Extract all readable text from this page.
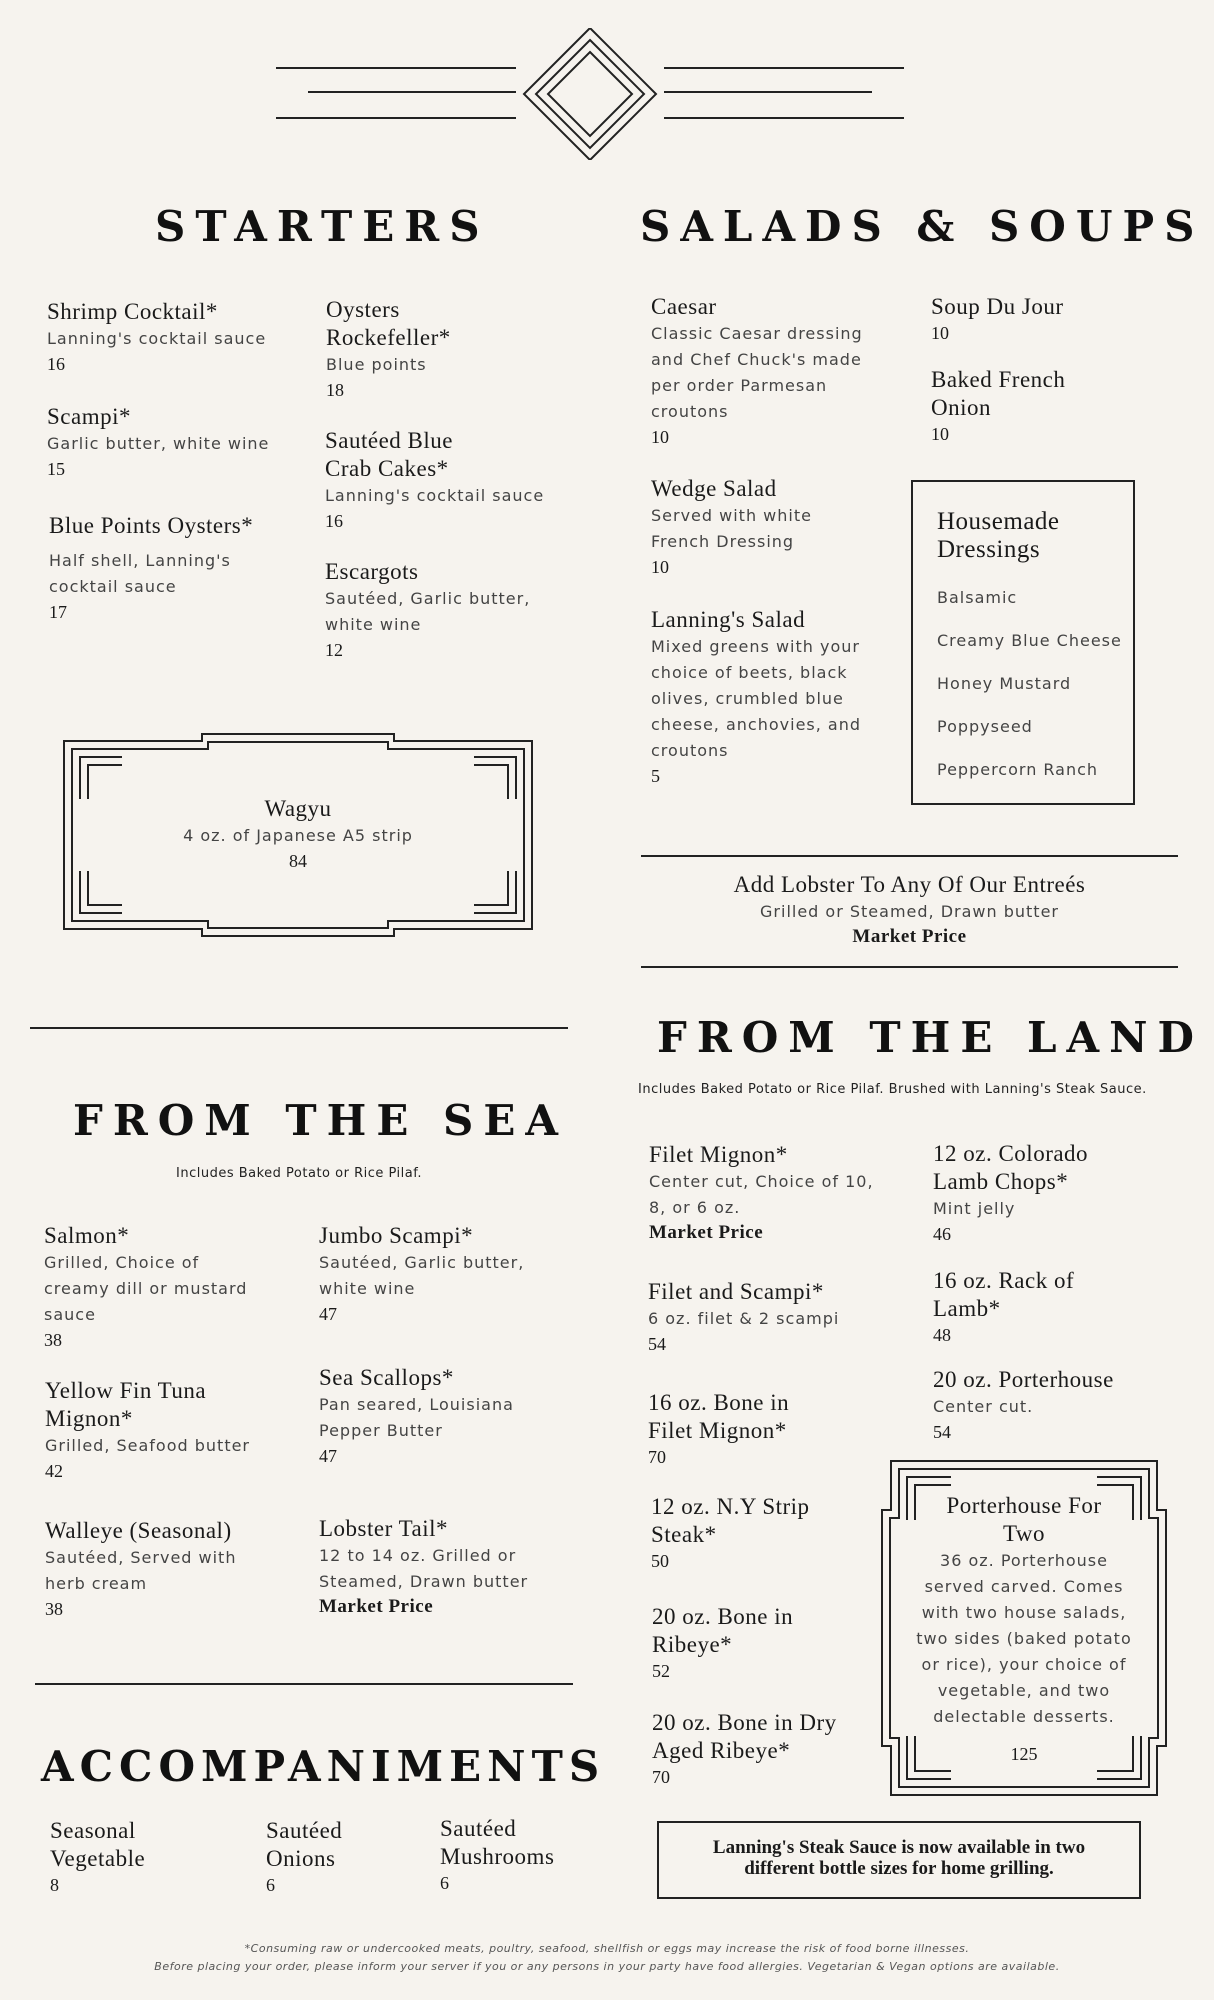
STARTERS
Shrimp Cocktail*
Lanning's cocktail sauce
16
Scampi*
Garlic butter, white wine
15
Blue Points Oysters*
Half shell, Lanning's cocktail sauce
17
Oysters Rockefeller*
Blue points
18
Sautéed Blue Crab Cakes*
Lanning's cocktail sauce
16
Escargots
Sautéed, Garlic butter, white wine
12
Wagyu
4 oz. of Japanese A5 strip
84
SALADS & SOUPS
Caesar
Classic Caesar dressing and Chef Chuck's made per order Parmesan croutons
10
Wedge Salad
Served with white French Dressing
10
Lanning's Salad
Mixed greens with your choice of beets, black olives, crumbled blue cheese, anchovies, and croutons
5
Soup Du Jour
10
Baked French Onion
10
Housemade Dressings
Balsamic
Creamy Blue Cheese
Honey Mustard
Poppyseed
Peppercorn Ranch
Add Lobster To Any Of Our Entreés
Grilled or Steamed, Drawn butter
Market Price
FROM THE SEA
Includes Baked Potato or Rice Pilaf.
Salmon*
Grilled, Choice of creamy dill or mustard sauce
38
Yellow Fin Tuna Mignon*
Grilled, Seafood butter
42
Walleye (Seasonal)
Sautéed, Served with herb cream
38
Jumbo Scampi*
Sautéed, Garlic butter, white wine
47
Sea Scallops*
Pan seared, Louisiana Pepper Butter
47
Lobster Tail*
12 to 14 oz. Grilled or Steamed, Drawn butter
Market Price
ACCOMPANIMENTS
Seasonal Vegetable
8
Sautéed Onions
6
Sautéed Mushrooms
6
FROM THE LAND
Includes Baked Potato or Rice Pilaf. Brushed with Lanning's Steak Sauce.
Filet Mignon*
Center cut, Choice of 10, 8, or 6 oz.
Market Price
Filet and Scampi*
6 oz. filet & 2 scampi
54
16 oz. Bone in Filet Mignon*
70
12 oz. N.Y Strip Steak*
50
20 oz. Bone in Ribeye*
52
20 oz. Bone in Dry Aged Ribeye*
70
12 oz. Colorado Lamb Chops*
Mint jelly
46
16 oz. Rack of Lamb*
48
20 oz. Porterhouse
Center cut.
54
Porterhouse For Two
36 oz. Porterhouse served carved. Comes with two house salads, two sides (baked potato or rice), your choice of vegetable, and two delectable desserts.
125
Lanning's Steak Sauce is now available in two different bottle sizes for home grilling.
*Consuming raw or undercooked meats, poultry, seafood, shellfish or eggs may increase the risk of food borne illnesses.
Before placing your order, please inform your server if you or any persons in your party have food allergies. Vegetarian & Vegan options are available.
